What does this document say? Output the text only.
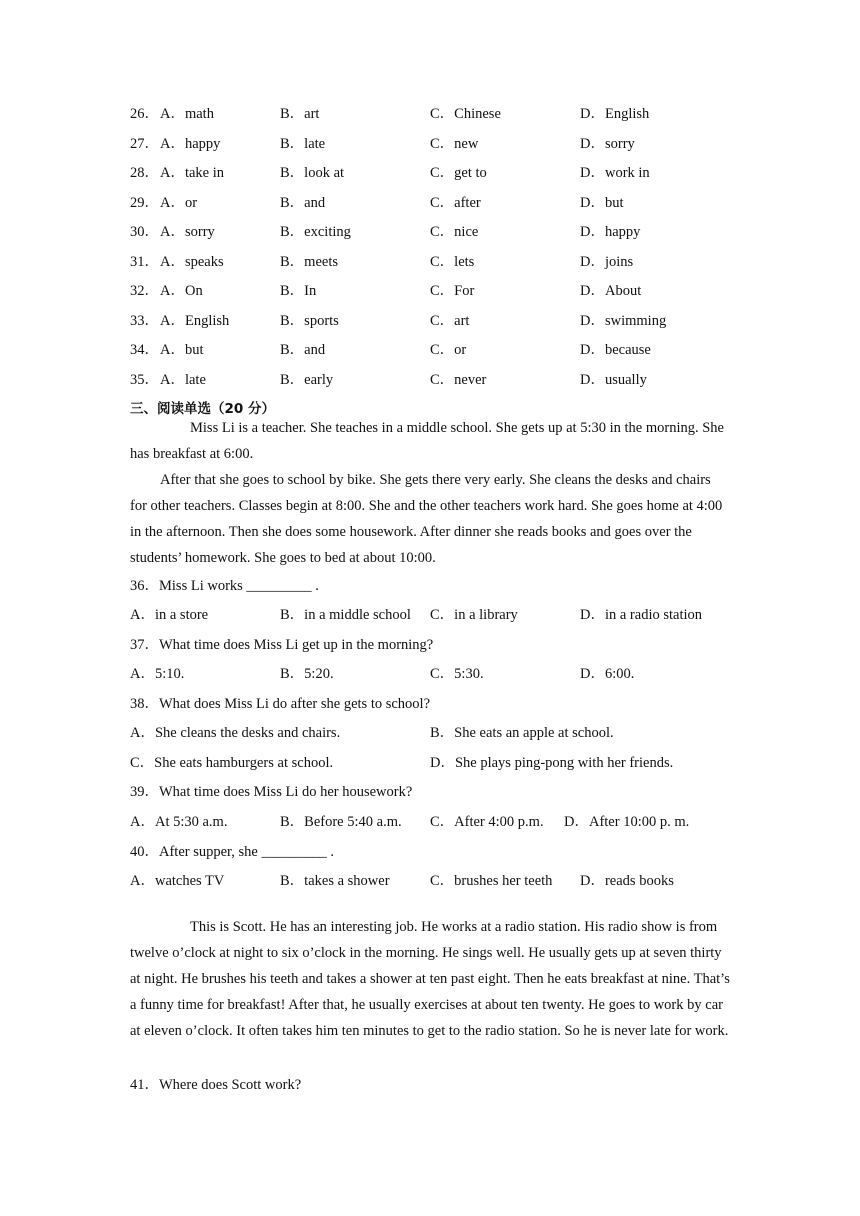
26． A．math	B．art	C．Chinese	D．English
27． A．happy	B．late	C．new	D．sorry
28． A．take in	B．look at	C．get to	D．work in
29． A．or	B．and	C．after	D．but
30． A．sorry	B．exciting	C．nice	D．happy
31． A．speaks	B．meets	C．lets	D．joins
32． A．On	B．In	C．For	D．About
33． A．English	B．sports	C．art	D．swimming
34． A．but	B．and	C．or	D．because
35． A．late	B．early	C．never	D．usually
三、阅读单选（20 分）

Miss Li is a teacher. She teaches in a middle school. She gets up at 5:30 in the morning. She has breakfast at 6:00.

After that she goes to school by bike. She gets there very early. She cleans the desks and chairs for other teachers. Classes begin at 8:00. She and the other teachers work hard. She goes home at 4:00 in the afternoon. Then she does some housework. After dinner she reads books and goes over the students’ homework. She goes to bed at about 10:00.

36．Miss Li works _________ .
A．in a store	B．in a middle school C．in a library	D．in a radio station
37．What time does Miss Li get up in the morning?
A．5:10.	B．5:20.	C．5:30.	D．6:00.
38．What does Miss Li do after she gets to school?
A．She cleans the desks and chairs.	B．She eats an apple at school.
C．She eats hamburgers at school.	D．She plays ping-pong with her friends.
39．What time does Miss Li do her housework?
A．At 5:30 a.m.	B．Before 5:40 a.m. C．After 4:00 p.m. D．After 10:00 p. m.
40．After supper, she _________ .
A．watches TV	B．takes a shower	C．brushes her teeth D．reads books

This is Scott. He has an interesting job. He works at a radio station. His radio show is from twelve o’clock at night to six o’clock in the morning. He sings well. He usually gets up at seven thirty at night. He brushes his teeth and takes a shower at ten past eight. Then he eats breakfast at nine. That’s a funny time for breakfast! After that, he usually exercises at about ten twenty. He goes to work by car at eleven o’clock. It often takes him ten minutes to get to the radio station. So he is never late for work.

41．Where does Scott work?
